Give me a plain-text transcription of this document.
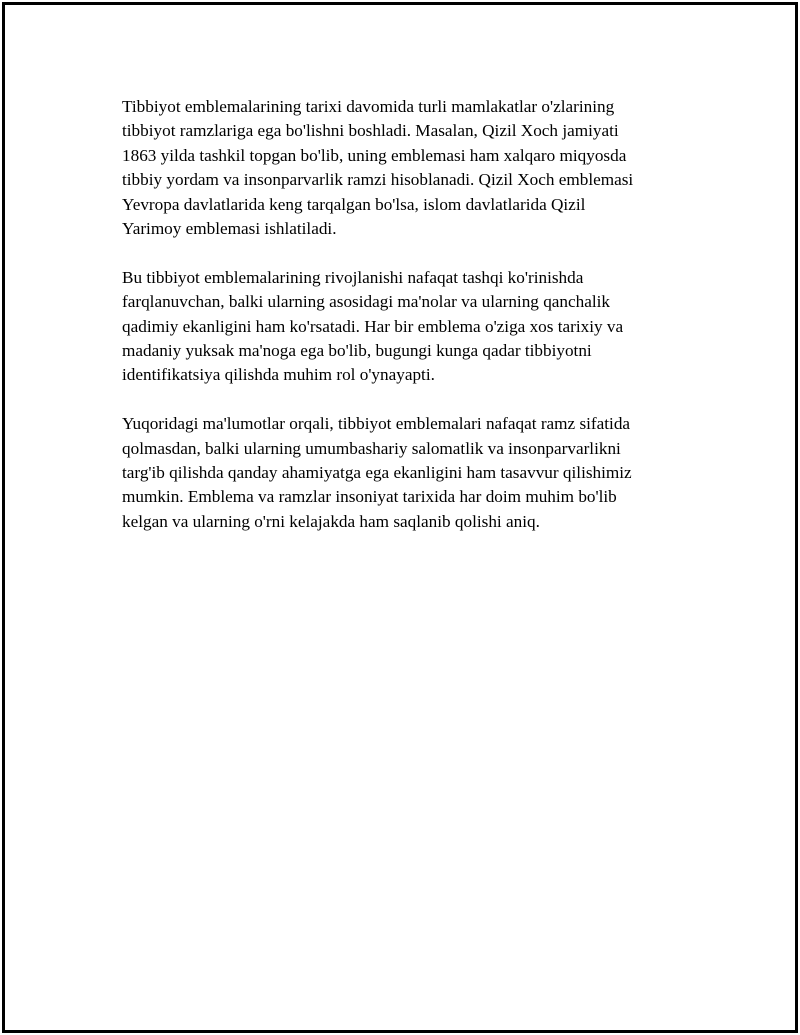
Tibbiyot emblemalarining tarixi davomida turli mamlakatlar o'zlarining
tibbiyot ramzlariga ega bo'lishni boshladi. Masalan, Qizil Xoch jamiyati
1863 yilda tashkil topgan bo'lib, uning emblemasi ham xalqaro miqyosda
tibbiy yordam va insonparvarlik ramzi hisoblanadi. Qizil Xoch emblemasi
Yevropa davlatlarida keng tarqalgan bo'lsa, islom davlatlarida Qizil
Yarimoy emblemasi ishlatiladi.

Bu tibbiyot emblemalarining rivojlanishi nafaqat tashqi ko'rinishda
farqlanuvchan, balki ularning asosidagi ma'nolar va ularning qanchalik
qadimiy ekanligini ham ko'rsatadi. Har bir emblema o'ziga xos tarixiy va
madaniy yuksak ma'noga ega bo'lib, bugungi kunga qadar tibbiyotni
identifikatsiya qilishda muhim rol o'ynayapti.

Yuqoridagi ma'lumotlar orqali, tibbiyot emblemalari nafaqat ramz sifatida
qolmasdan, balki ularning umumbashariy salomatlik va insonparvarlikni
targ'ib qilishda qanday ahamiyatga ega ekanligini ham tasavvur qilishimiz
mumkin. Emblema va ramzlar insoniyat tarixida har doim muhim bo'lib
kelgan va ularning o'rni kelajakda ham saqlanib qolishi aniq.
